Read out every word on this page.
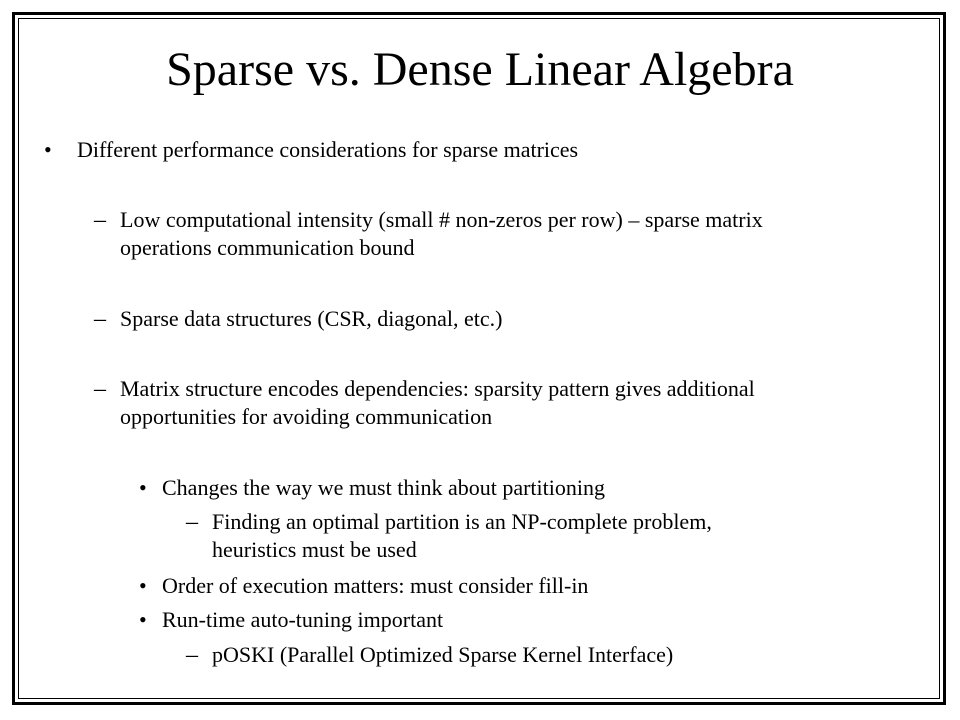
Sparse vs. Dense Linear Algebra
• Different performance considerations for sparse matrices
– Low computational intensity (small # non-zeros per row) – sparse matrix
operations communication bound
– Sparse data structures (CSR, diagonal, etc.)
– Matrix structure encodes dependencies: sparsity pattern gives additional
opportunities for avoiding communication
• Changes the way we must think about partitioning
– Finding an optimal partition is an NP-complete problem,
heuristics must be used
• Order of execution matters: must consider fill-in
• Run-time auto-tuning important
– pOSKI (Parallel Optimized Sparse Kernel Interface)
